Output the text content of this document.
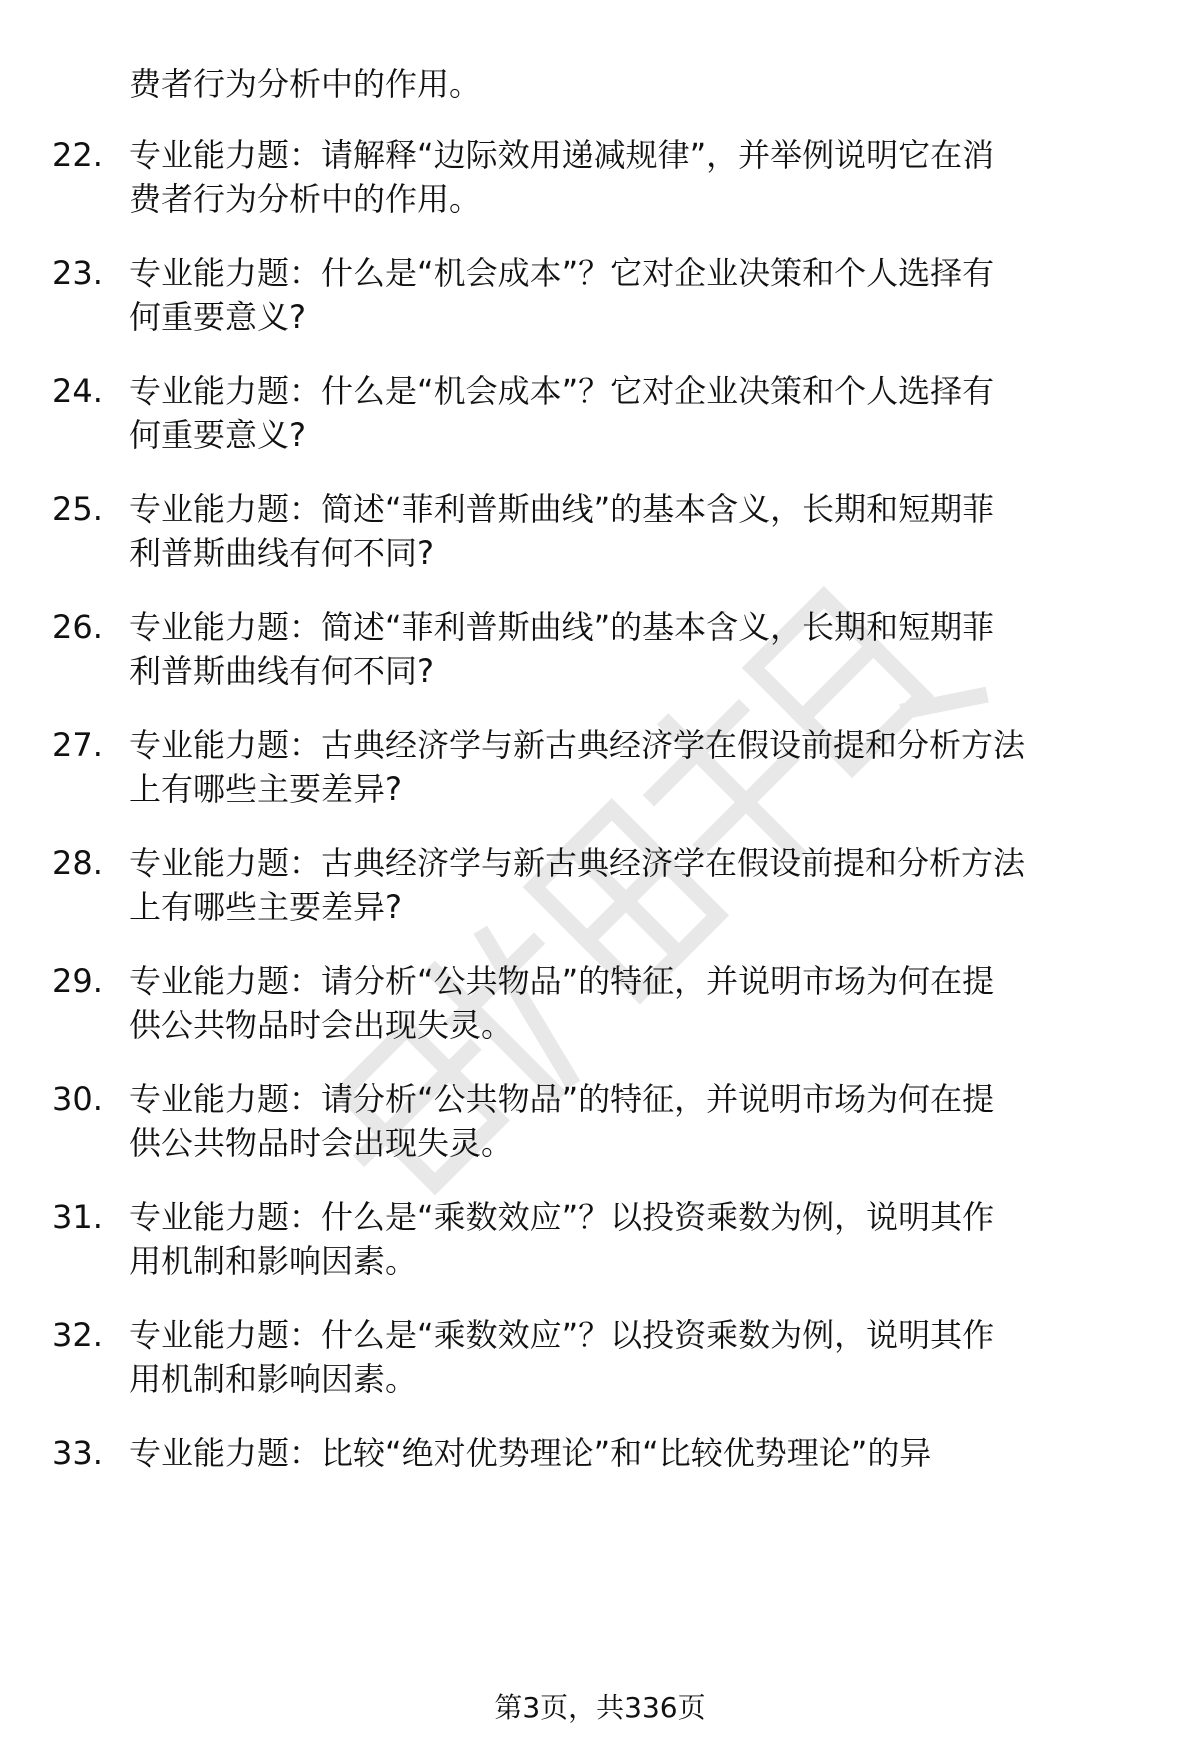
费者行为分析中的作用。
22. 专业能力题：请解释“边际效用递减规律”，并举例说明它在消
费者行为分析中的作用。
23. 专业能力题：什么是“机会成本”？它对企业决策和个人选择有
何重要意义?
24. 专业能力题：什么是“机会成本”？它对企业决策和个人选择有
何重要意义?
25. 专业能力题：简述“菲利普斯曲线”的基本含义，长期和短期菲
利普斯曲线有何不同?
26. 专业能力题：简述“菲利普斯曲线”的基本含义，长期和短期菲
利普斯曲线有何不同?
27. 专业能力题：古典经济学与新古典经济学在假设前提和分析方法
上有哪些主要差异?
28. 专业能力题：古典经济学与新古典经济学在假设前提和分析方法
上有哪些主要差异?
29. 专业能力题：请分析“公共物品”的特征，并说明市场为何在提
供公共物品时会出现失灵。
30. 专业能力题：请分析“公共物品”的特征，并说明市场为何在提
供公共物品时会出现失灵。
31. 专业能力题：什么是“乘数效应”？以投资乘数为例，说明其作
用机制和影响因素。
32. 专业能力题：什么是“乘数效应”？以投资乘数为例，说明其作
用机制和影响因素。
33. 专业能力题：比较“绝对优势理论”和“比较优势理论”的异
第3页，共336页
